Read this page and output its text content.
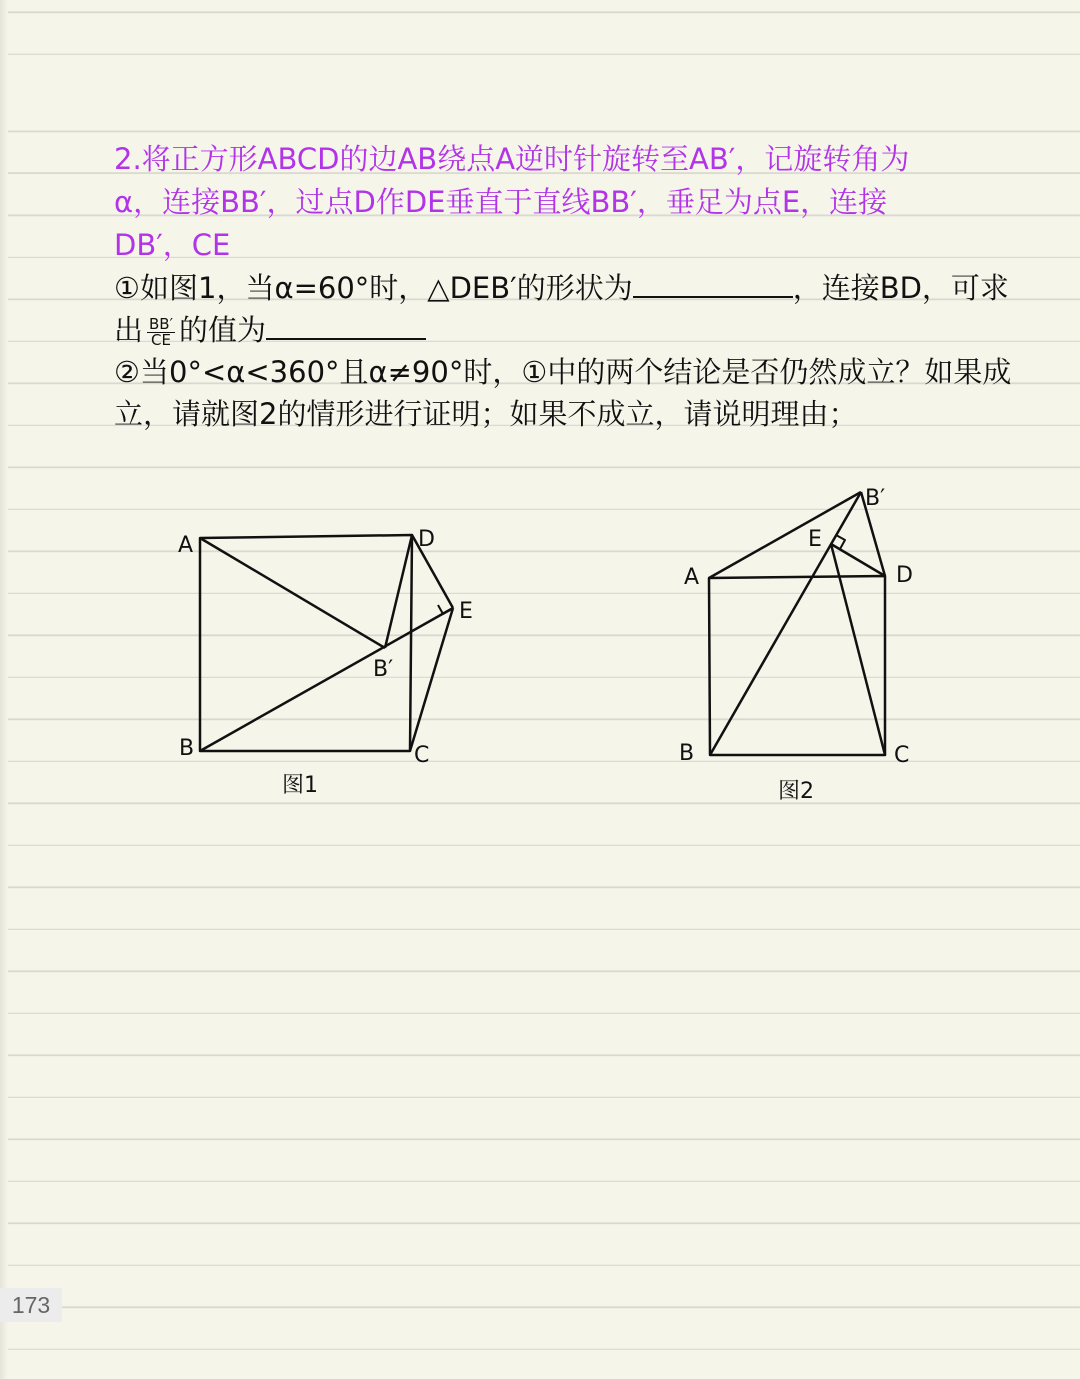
2.将正方形ABCD的边AB绕点A逆时针旋转至AB′，记旋转角为α，连接BB′，过点D作DE垂直于直线BB′，垂足为点E，连接DB′，CE

①如图1，当α=60°时，△DEB′的形状为	，连接BD，可求出 $\frac{BB'}{CE}$ 的值为

②当0°<α<360°且α≠90°时，①中的两个结论是否仍然成立？如果成立，请就图2的情形进行证明；如果不成立，请说明理由；

A
B	C
D
E
B′
图1
A
B	C
D
E
B′
图2
173
